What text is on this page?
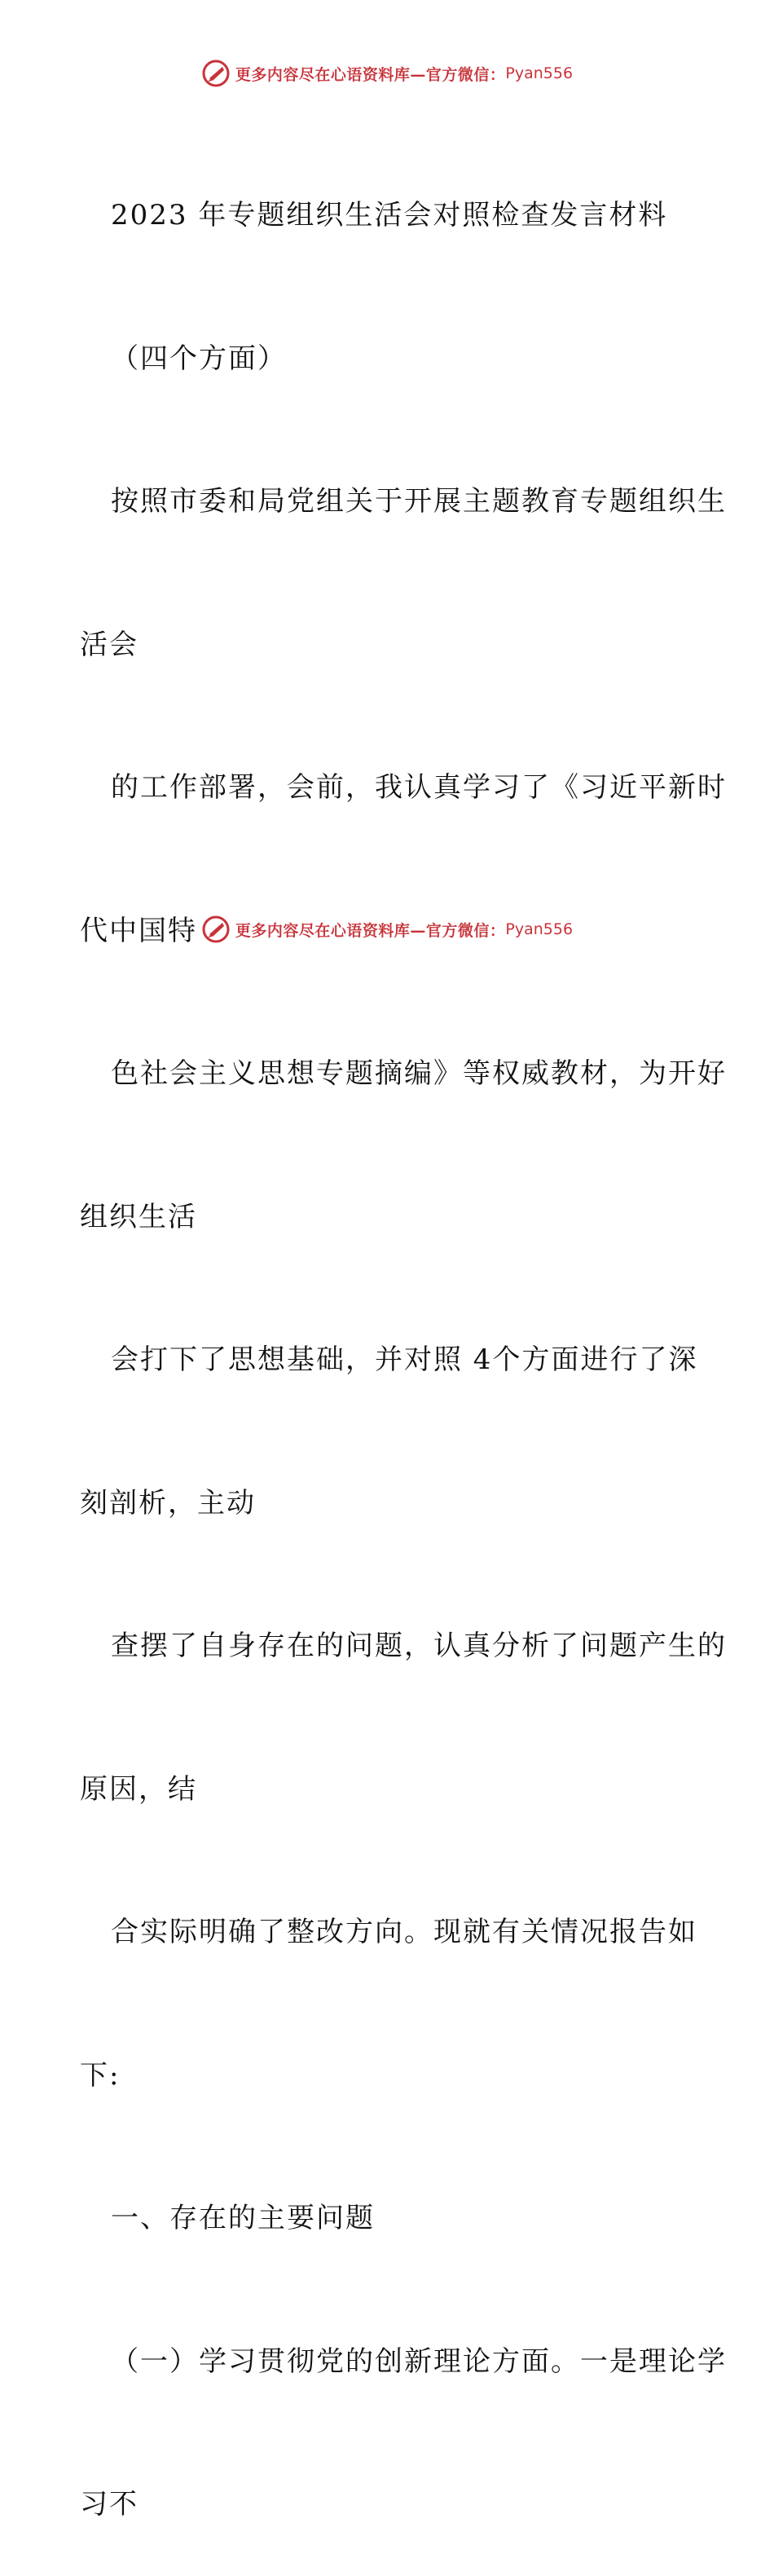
更多内容尽在心语资料库—官方微信： Pyan556

2023 年专题组织生活会对照检查发言材料

（四个方面）

按照市委和局党组关于开展主题教育专题组织生

活会

的工作部署，会前，我认真学习了《习近平新时

代中国特

色社会主义思想专题摘编》等权威教材，为开好

组织生活

会打下了思想基础，并对照 4个方面进行了深

刻剖析，主动

查摆了自身存在的问题，认真分析了问题产生的

原因，结

合实际明确了整改方向。现就有关情况报告如

下:

一、存在的主要问题

（一）学习贯彻党的创新理论方面。一是理论学

习不

更多内容尽在心语资料库—官方微信： Pyan556
